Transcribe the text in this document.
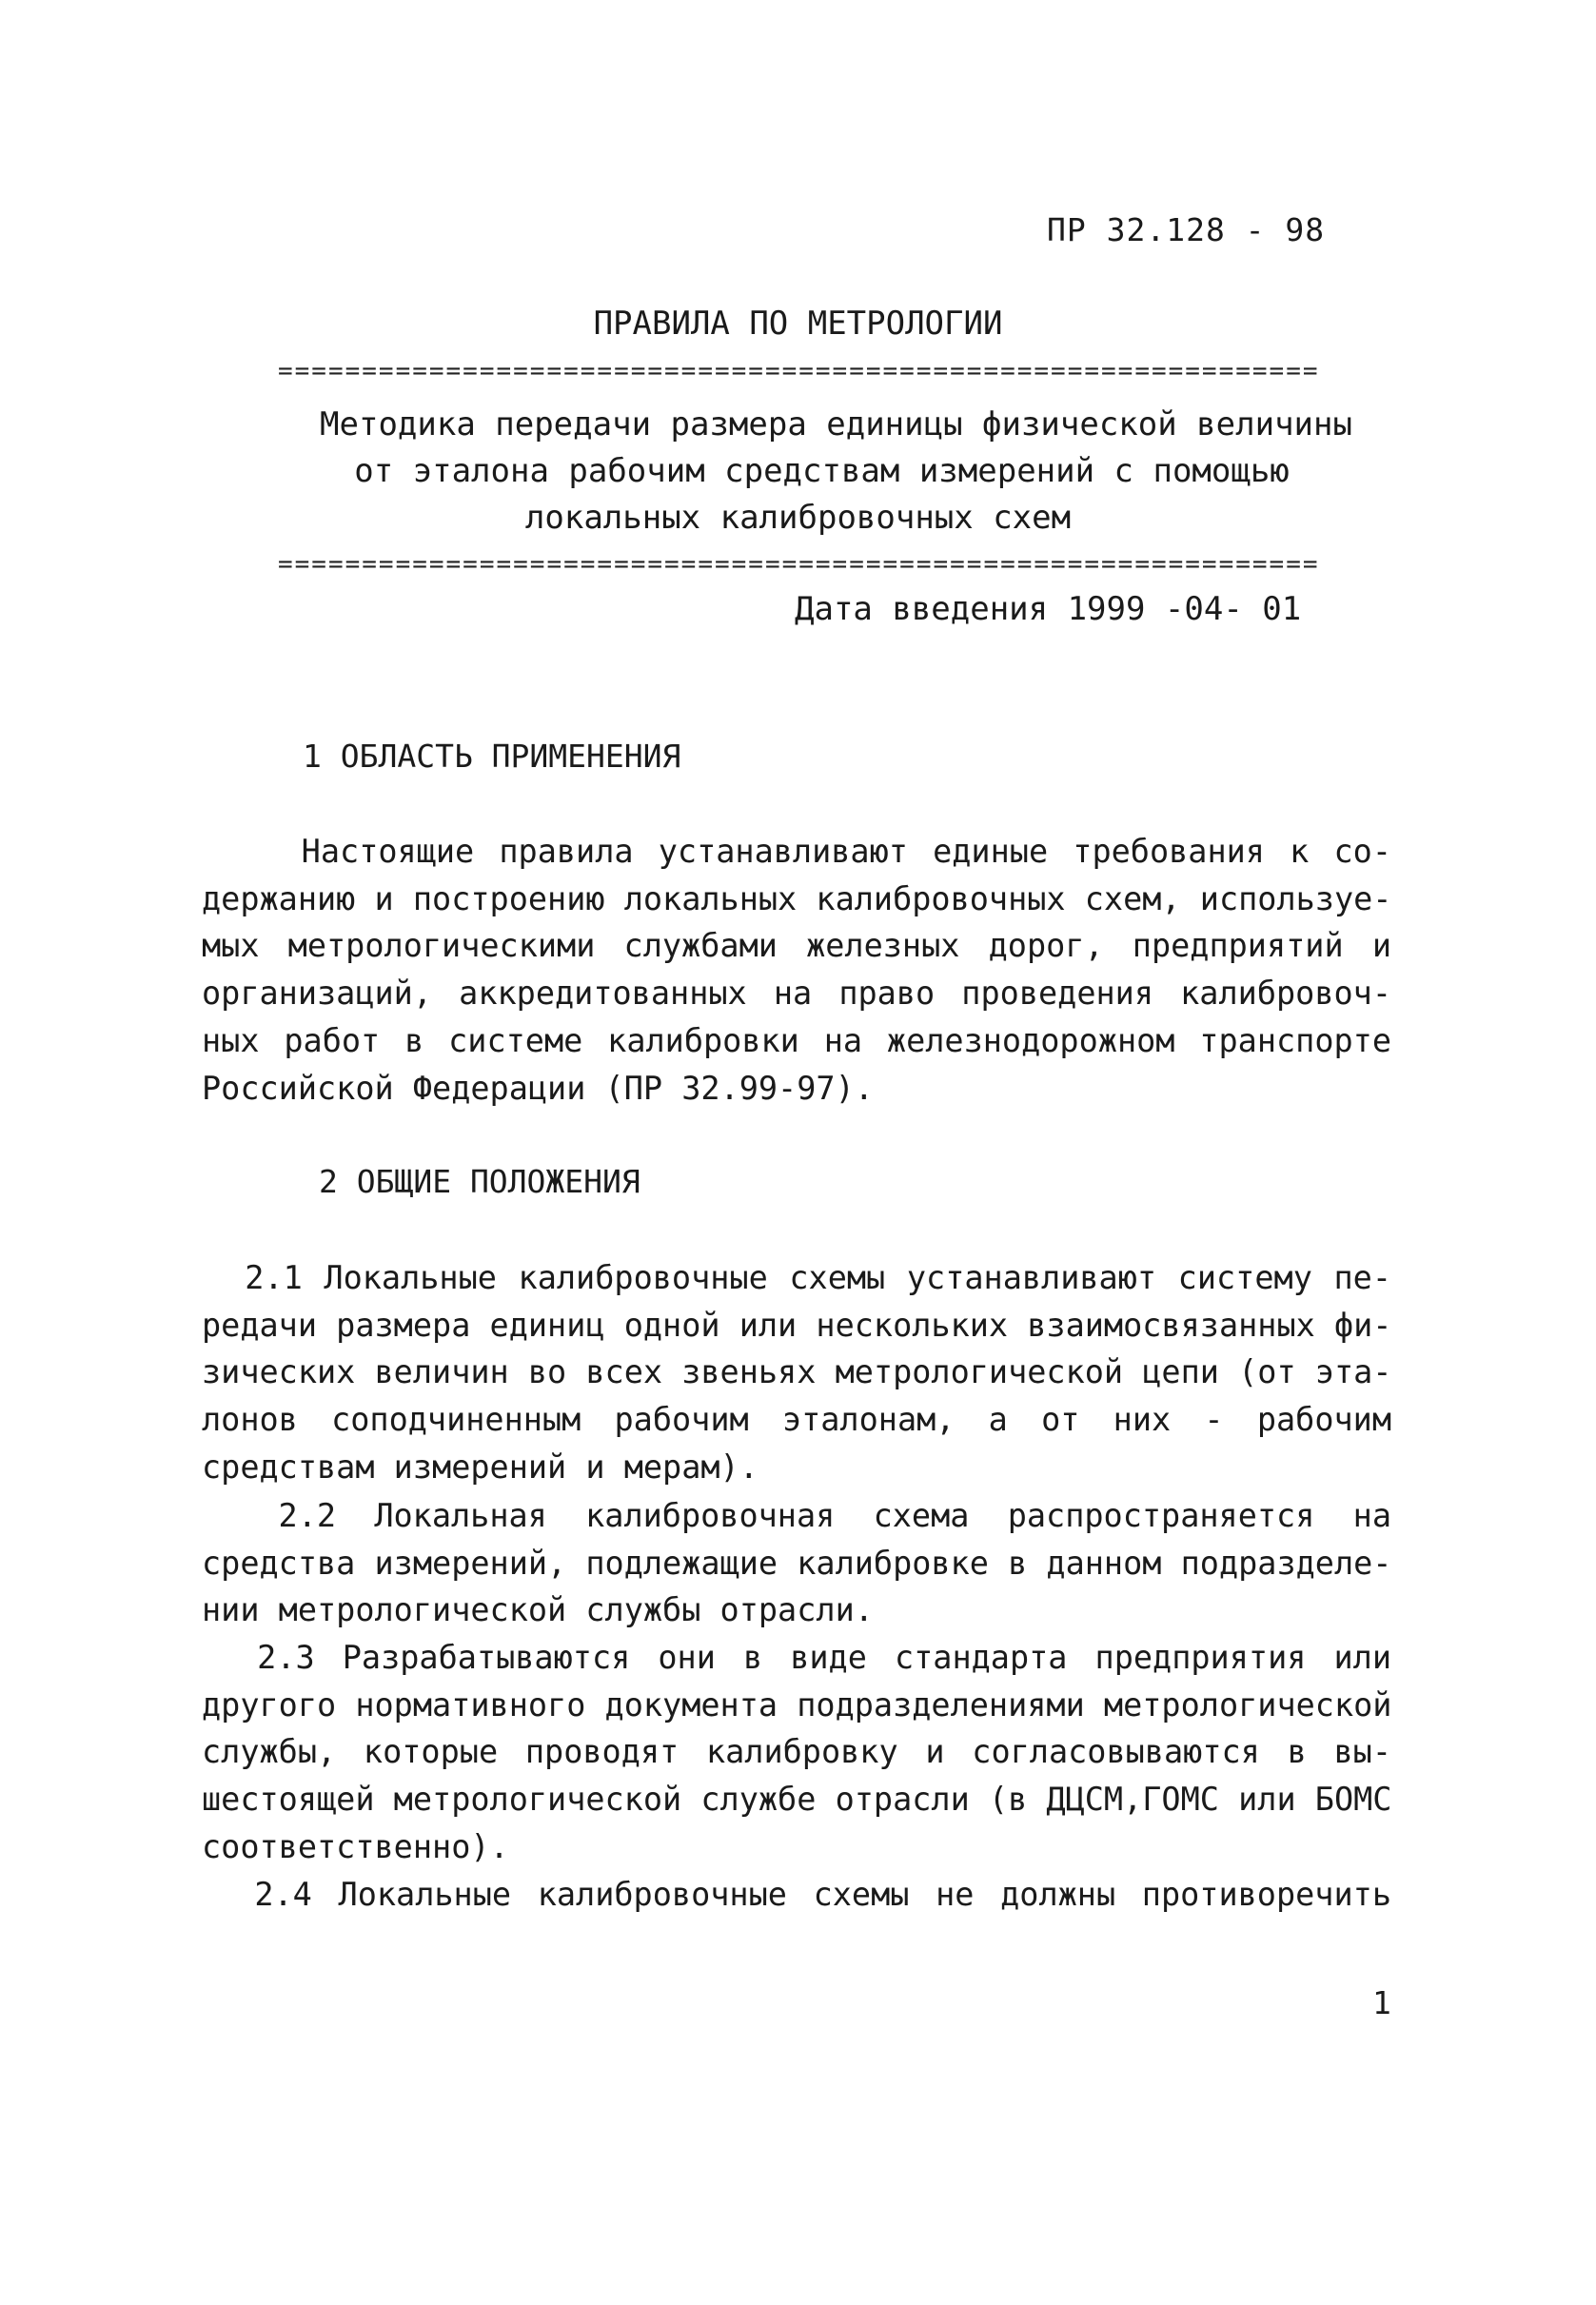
ПР 32.128 - 98
ПРАВИЛА ПО МЕТРОЛОГИИ
==============================================================
Методика передачи размера единицы физической величины
от эталона рабочим средствам измерений с помощью
локальных калибровочных схем
==============================================================
Дата введения 1999 -04- 01
1 ОБЛАСТЬ ПРИМЕНЕНИЯ
Настоящие правила устанавливают единые требования к со-
держанию и построению локальных калибровочных схем, используе-
мых метрологическими службами железных дорог, предприятий и
организаций, аккредитованных на право проведения калибровоч-
ных работ в системе калибровки на железнодорожном транспорте
Российской Федерации (ПР 32.99-97).
2 ОБЩИЕ ПОЛОЖЕНИЯ
2.1 Локальные калибровочные схемы устанавливают систему пе-
редачи размера единиц одной или нескольких взаимосвязанных фи-
зических величин во всех звеньях метрологической цепи (от эта-
лонов соподчиненным рабочим эталонам, а от них - рабочим
средствам измерений и мерам).
2.2 Локальная калибровочная схема распространяется на
средства измерений, подлежащие калибровке в данном подразделе-
нии метрологической службы отрасли.
2.3 Разрабатываются они в виде стандарта предприятия или
другого нормативного документа подразделениями метрологической
службы, которые проводят калибровку и согласовываются в вы-
шестоящей метрологической службе отрасли (в ДЦСМ,ГОМС или БОМС
соответственно).
2.4 Локальные калибровочные схемы не должны противоречить
1
